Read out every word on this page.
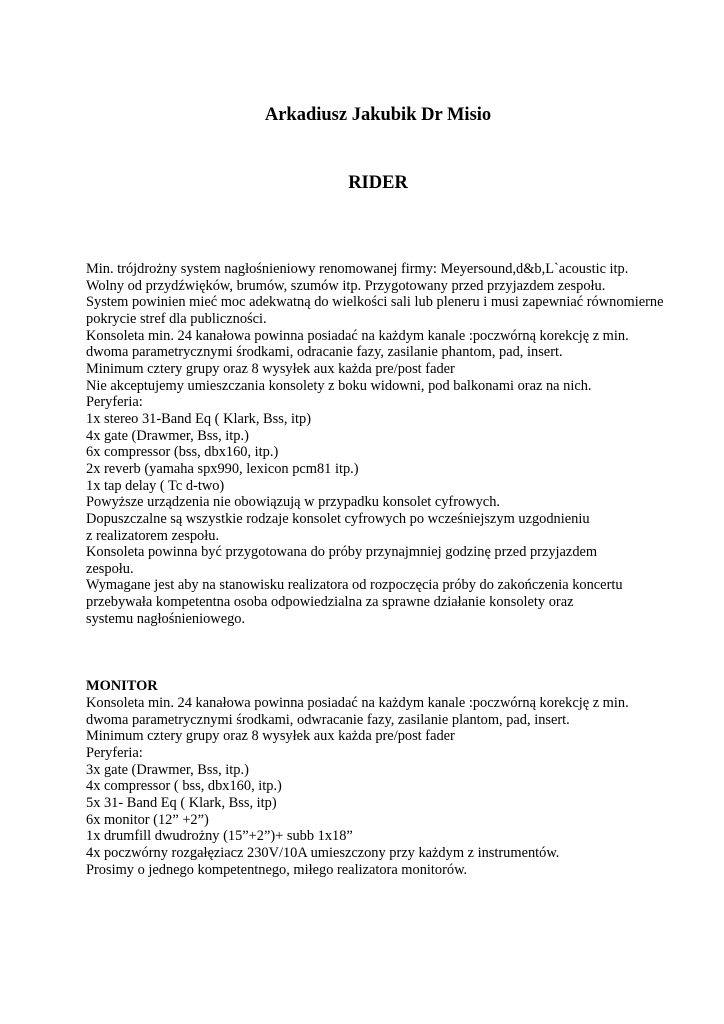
Arkadiusz Jakubik Dr Misio
RIDER
Min. trójdrożny system nagłośnieniowy renomowanej firmy: Meyersound,d&b,L`acoustic itp.
Wolny od przydźwięków, brumów, szumów itp. Przygotowany przed przyjazdem zespołu.
System powinien mieć moc adekwatną do wielkości sali lub pleneru i musi zapewniać równomierne
pokrycie stref dla publiczności.
Konsoleta min. 24 kanałowa powinna posiadać na każdym kanale :poczwórną korekcję z min.
dwoma parametrycznymi środkami, odracanie fazy, zasilanie phantom, pad, insert.
Minimum cztery grupy oraz 8 wysyłek aux każda pre/post fader
Nie akceptujemy umieszczania konsolety z boku widowni, pod balkonami oraz na nich.
Peryferia:
1x stereo 31-Band Eq ( Klark, Bss, itp)
4x gate (Drawmer, Bss, itp.)
6x compressor (bss, dbx160, itp.)
2x reverb (yamaha spx990, lexicon pcm81 itp.)
1x tap delay ( Tc d-two)
Powyższe urządzenia nie obowiązują w przypadku konsolet cyfrowych.
Dopuszczalne są wszystkie rodzaje konsolet cyfrowych po wcześniejszym uzgodnieniu
z realizatorem zespołu.
Konsoleta powinna być przygotowana do próby przynajmniej godzinę przed przyjazdem
zespołu.
Wymagane jest aby na stanowisku realizatora od rozpoczęcia próby do zakończenia koncertu
przebywała kompetentna osoba odpowiedzialna za sprawne działanie konsolety oraz
systemu nagłośnieniowego.
MONITOR
Konsoleta min. 24 kanałowa powinna posiadać na każdym kanale :poczwórną korekcję z min.
dwoma parametrycznymi środkami, odwracanie fazy, zasilanie plantom, pad, insert.
Minimum cztery grupy oraz 8 wysyłek aux każda pre/post fader
Peryferia:
3x gate (Drawmer, Bss, itp.)
4x compressor ( bss, dbx160, itp.)
5x 31- Band Eq ( Klark, Bss, itp)
6x monitor (12” +2”)
1x drumfill dwudrożny (15”+2”)+ subb 1x18”
4x poczwórny rozgałęziacz 230V/10A umieszczony przy każdym z instrumentów.
Prosimy o jednego kompetentnego, miłego realizatora monitorów.
